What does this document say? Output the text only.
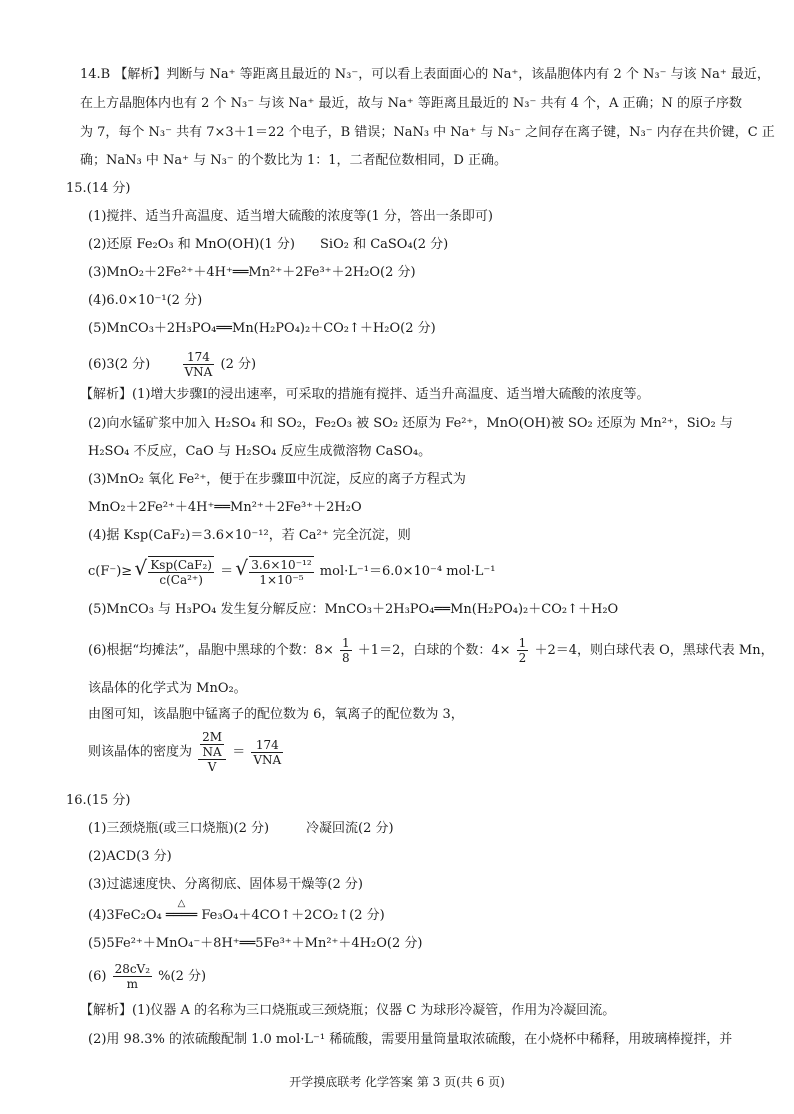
14.B 【解析】判断与 Na⁺ 等距离且最近的 N₃⁻，可以看上表面面心的 Na⁺，该晶胞体内有 2 个 N₃⁻ 与该 Na⁺ 最近，
在上方晶胞体内也有 2 个 N₃⁻ 与该 Na⁺ 最近，故与 Na⁺ 等距离且最近的 N₃⁻ 共有 4 个，A 正确；N 的原子序数
为 7，每个 N₃⁻ 共有 7×3＋1＝22 个电子，B 错误；NaN₃ 中 Na⁺ 与 N₃⁻ 之间存在离子键，N₃⁻ 内存在共价键，C 正
确；NaN₃ 中 Na⁺ 与 N₃⁻ 的个数比为 1：1，二者配位数相同，D 正确。
15.(14 分)
(1)搅拌、适当升高温度、适当增大硫酸的浓度等(1 分，答出一条即可)
(2)还原 Fe₂O₃ 和 MnO(OH)(1 分) SiO₂ 和 CaSO₄(2 分)
(3)MnO₂＋2Fe²⁺＋4H⁺══Mn²⁺＋2Fe³⁺＋2H₂O(2 分)
(4)6.0×10⁻¹(2 分)
(5)MnCO₃＋2H₃PO₄══Mn(H₂PO₄)₂＋CO₂↑＋H₂O(2 分)
(6)3(2 分)	$\frac{174}{\text{VNA}} (2$ 分)
【解析】(1)增大步骤Ⅰ的浸出速率，可采取的措施有搅拌、适当升高温度、适当增大硫酸的浓度等。
(2)向水锰矿浆中加入 H₂SO₄ 和 SO₂，Fe₂O₃ 被 SO₂ 还原为 Fe²⁺，MnO(OH)被 SO₂ 还原为 Mn²⁺，SiO₂ 与
H₂SO₄ 不反应，CaO 与 H₂SO₄ 反应生成微溶物 CaSO₄。
(3)MnO₂ 氧化 Fe²⁺，便于在步骤Ⅲ中沉淀，反应的离子方程式为
MnO₂＋2Fe²⁺＋4H⁺══Mn²⁺＋2Fe³⁺＋2H₂O
(4)据 Ksp(CaF₂)＝3.6×10⁻¹²，若 Ca²⁺ 完全沉淀，则
c(F⁻)≥ √ $\frac{\text{Ksp(CaF₂)}}{\text{c(Ca²⁺)}}$ ＝ √ $\frac{\text{3.6×10⁻¹²}}{\text{1×10⁻⁵}} mol\cdot L^{-1}=6.0\times 10^{-4}$ mol·L⁻¹
(5)MnCO₃ 与 H₃PO₄ 发生复分解反应：MnCO₃＋2H₃PO₄══Mn(H₂PO₄)₂＋CO₂↑＋H₂O
(6)根据“均摊法”，晶胞中黑球的个数：$8\times \frac{1}{8} +1=2$，白球的个数：$4\times \frac{1}{2} +2=4$，则白球代表 O，黑球代表 Mn，
该晶体的化学式为 MnO₂。
由图可知，该晶胞中锰离子的配位数为 6，氧离子的配位数为 3，
则该晶体的密度为 $\frac{\frac{2M}{NA}}{V} = \frac{174}{\text{VNA}}$
16.(15 分)
(1)三颈烧瓶(或三口烧瓶)(2 分)	冷凝回流(2 分)
(2)ACD(3 分)
(3)过滤速度快、分离彻底、固体易干燥等(2 分)
(4)3FeC₂O₄
△
════ Fe₃O₄＋4CO↑＋2CO₂↑(2 分)
(5)5Fe²⁺＋MnO₄⁻＋8H⁺══5Fe³⁺＋Mn²⁺＋4H₂O(2 分)
$(6) \frac{\text{28cV₂}}{m} \%(2$ 分)
【解析】(1)仪器 A 的名称为三口烧瓶或三颈烧瓶；仪器 C 为球形冷凝管，作用为冷凝回流。
(2)用 98.3% 的浓硫酸配制 1.0 mol·L⁻¹ 稀硫酸，需要用量筒量取浓硫酸，在小烧杯中稀释，用玻璃棒搅拌，并
开学摸底联考 化学答案 第 3 页(共 6 页)
